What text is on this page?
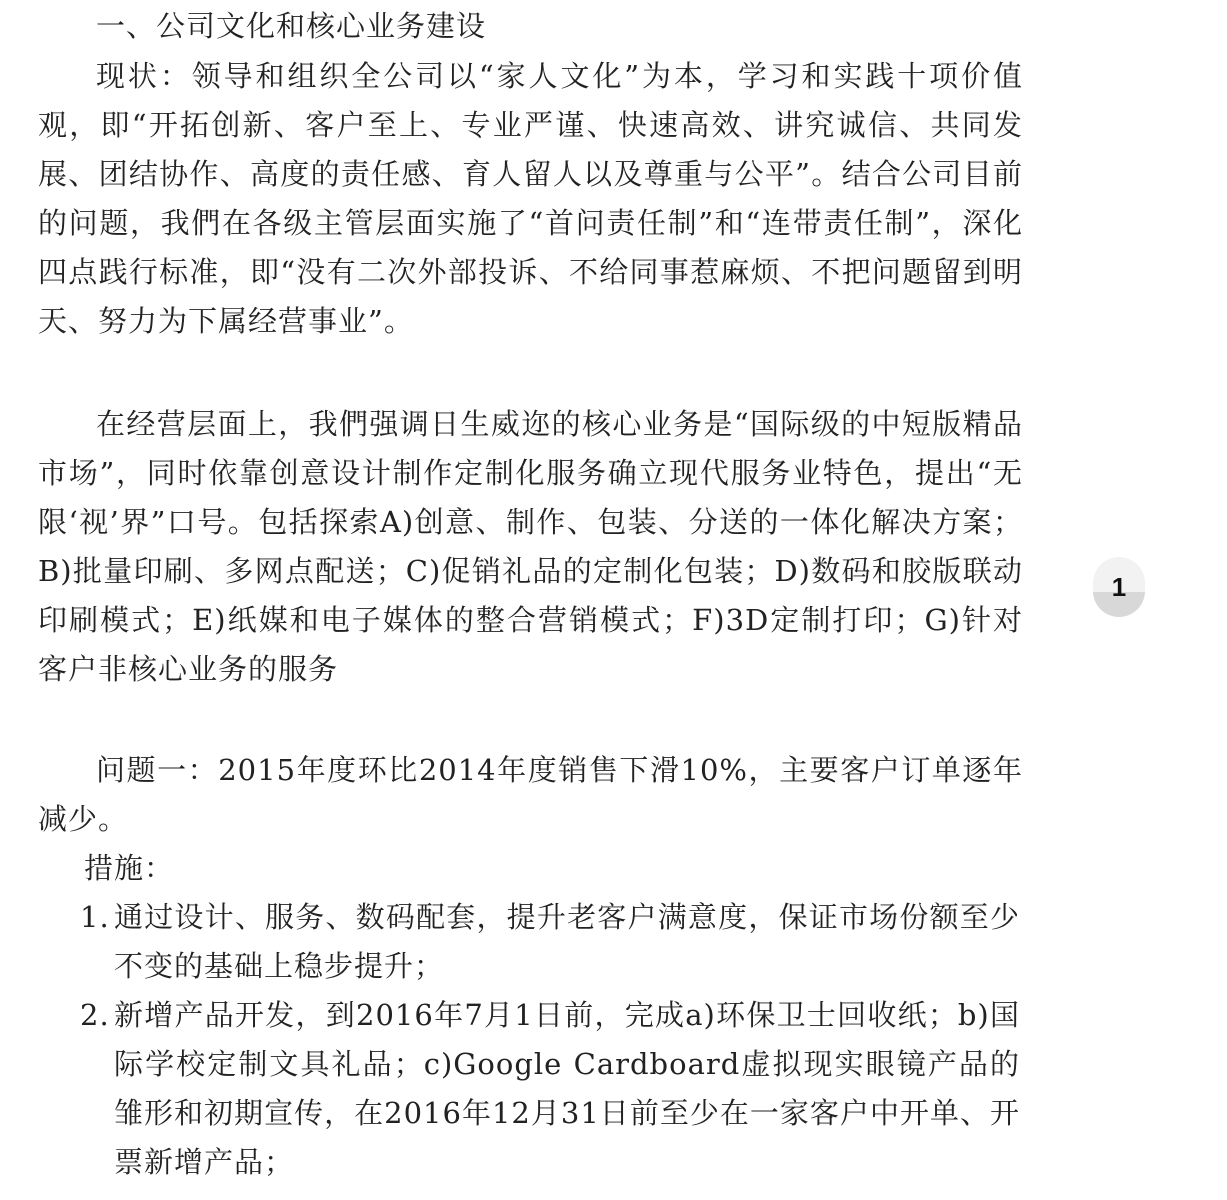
一、公司文化和核心业务建设

现状：领导和组织全公司以“家人文化”为本，学习和实践十项价值观，即“开拓创新、客户至上、专业严谨、快速高效、讲究诚信、共同发展、团结协作、高度的责任感、育人留人以及尊重与公平”。结合公司目前的问题，我們在各级主管层面实施了“首问责任制”和“连带责任制”，深化四点践行标准，即“没有二次外部投诉、不给同事惹麻烦、不把问题留到明天、努力为下属经营事业”。

在经营层面上，我們强调日生威迩的核心业务是“国际级的中短版精品市场”，同时依靠创意设计制作定制化服务确立现代服务业特色，提出“无限‘视’界”口号。包括探索A)创意、制作、包装、分送的一体化解决方案；B)批量印刷、多网点配送；C)促销礼品的定制化包装；D)数码和胶版联动印刷模式；E)纸媒和电子媒体的整合营销模式；F)3D定制打印；G)针对客户非核心业务的服务

问题一：2015年度环比2014年度销售下滑10%，主要客户订单逐年减少。

措施：
1. 通过设计、服务、数码配套，提升老客户满意度，保证市场份额至少不变的基础上稳步提升；
2. 新增产品开发，到2016年7月1日前，完成a)环保卫士回收纸；b)国际学校定制文具礼品；c)Google Cardboard虚拟现实眼镜产品的雏形和初期宣传，在2016年12月31日前至少在一家客户中开单、开票新增产品；
1
